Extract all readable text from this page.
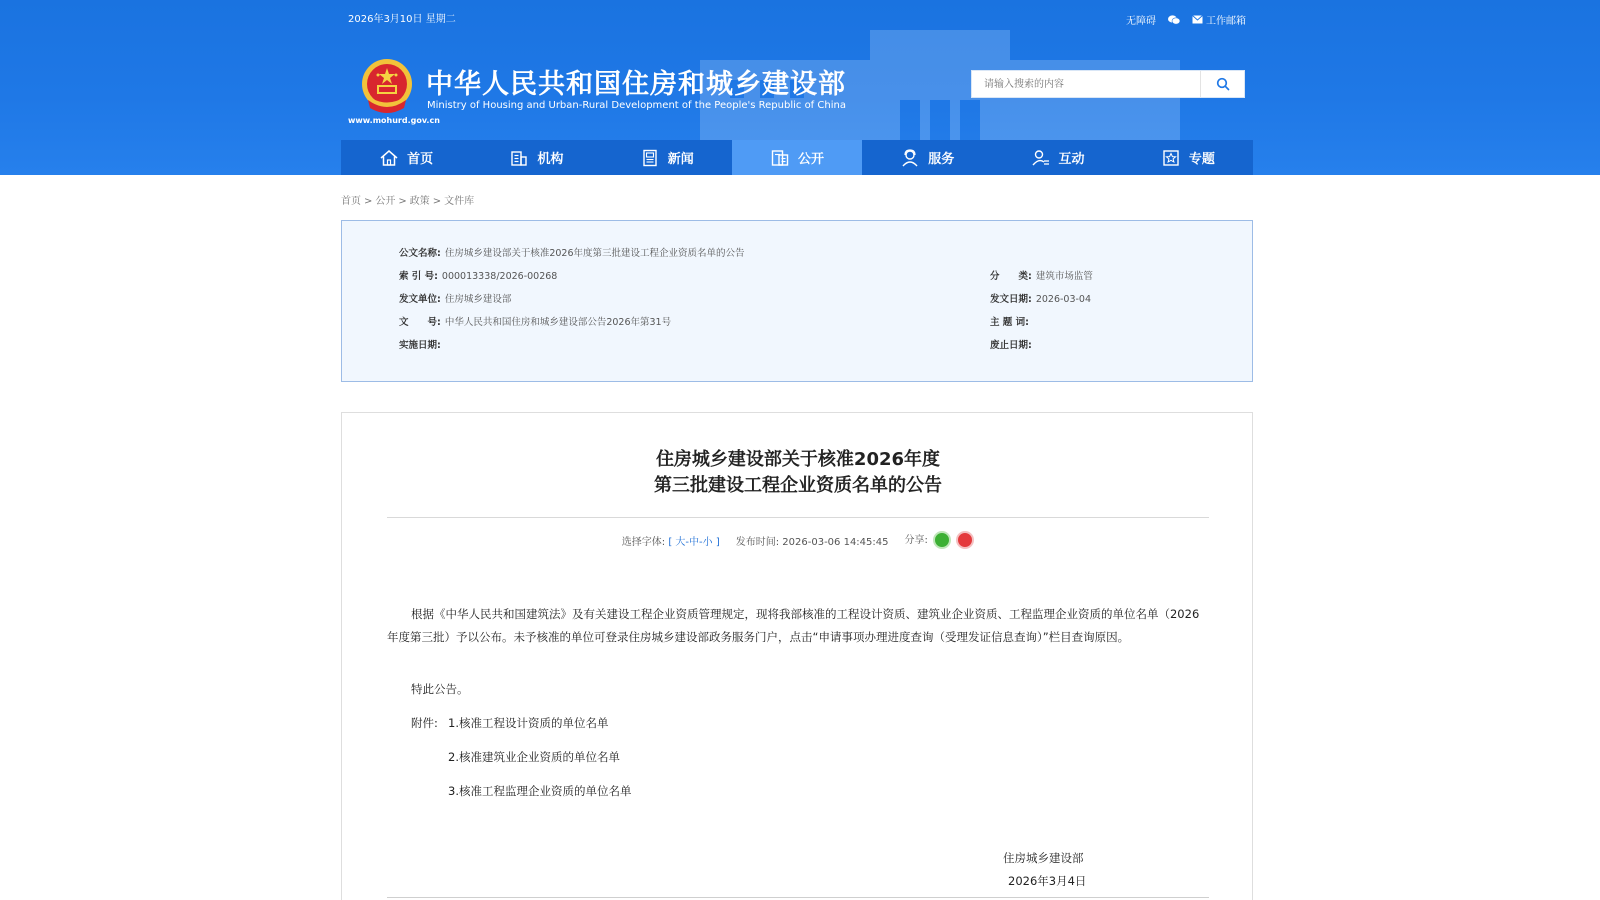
2026年3月10日 星期二	无障碍	工作邮箱
www.mohurd.gov.cn
中华人民共和国住房和城乡建设部
Ministry of Housing and Urban-Rural Development of the People's Republic of China
请输入搜索的内容
首页	机构	新闻	公开	服务	互动	专题
首页 > 公开 > 政策 > 文件库
公文名称: 住房城乡建设部关于核准2026年度第三批建设工程企业资质名单的公告
索 引 号: 000013338/2026-00268	分　　类: 建筑市场监管
发文单位: 住房城乡建设部	发文日期: 2026-03-04
文　　号: 中华人民共和国住房和城乡建设部公告2026年第31号	主 题 词:
实施日期:	废止日期:
住房城乡建设部关于核准2026年度
第三批建设工程企业资质名单的公告
选择字体: [ 大-中-小 ] 发布时间: 2026-03-06 14:45:45 分享:

根据《中华人民共和国建筑法》及有关建设工程企业资质管理规定，现将我部核准的工程设计资质、建筑业企业资质、工程监理企业资质的单位名单（2026年度第三批）予以公布。未予核准的单位可登录住房城乡建设部政务服务门户，点击“申请事项办理进度查询（受理发证信息查询）”栏目查询原因。

特此公告。
附件: 1.核准工程设计资质的单位名单
2.核准建筑业企业资质的单位名单
3.核准工程监理企业资质的单位名单
住房城乡建设部
2026年3月4日
